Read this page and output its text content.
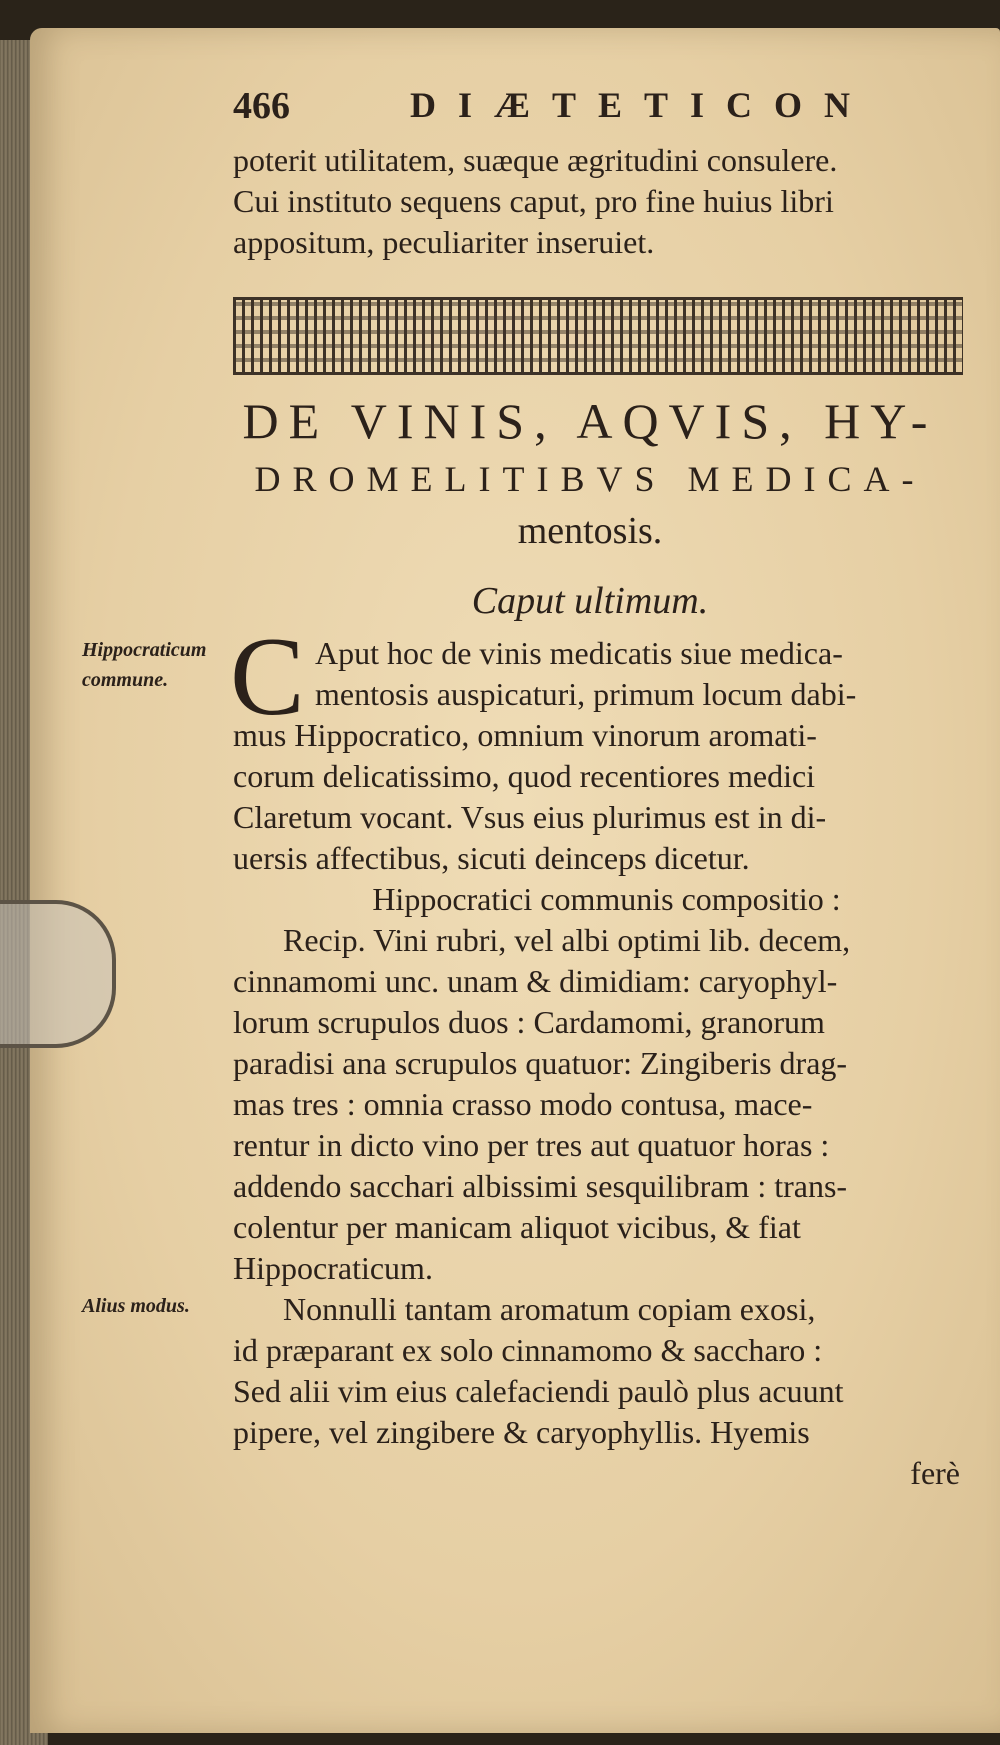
466	DIÆTETICON
poterit utilitatem, suæque ægritudini consulere.
Cui instituto sequens caput, pro fine huius libri
appositum, peculiariter inseruiet.
DE VINIS, AQVIS, HY-
DROMELITIBVS MEDICA-
mentosis.
Caput ultimum.
Hippocraticum commune. C Aput hoc de vinis medicatis siue medica-
mentosis auspicaturi, primum locum dabi-
mus Hippocratico, omnium vinorum aromati-
corum delicatissimo, quod recentiores medici
Claretum vocant. Vsus eius plurimus est in di-
uersis affectibus, sicuti deinceps dicetur.
Hippocratici communis compositio :
Recip. Vini rubri, vel albi optimi lib. decem,
cinnamomi unc. unam & dimidiam: caryophyl-
lorum scrupulos duos : Cardamomi, granorum
paradisi ana scrupulos quatuor: Zingiberis drag-
mas tres : omnia crasso modo contusa, mace-
rentur in dicto vino per tres aut quatuor horas :
addendo sacchari albissimi sesquilibram : trans-
colentur per manicam aliquot vicibus, & fiat
Hippocraticum.
Alius modus.	Nonnulli tantam aromatum copiam exosi,
id præparant ex solo cinnamomo & saccharo :
Sed alii vim eius calefaciendi paulò plus acuunt
pipere, vel zingibere & caryophyllis. Hyemis
ferè
